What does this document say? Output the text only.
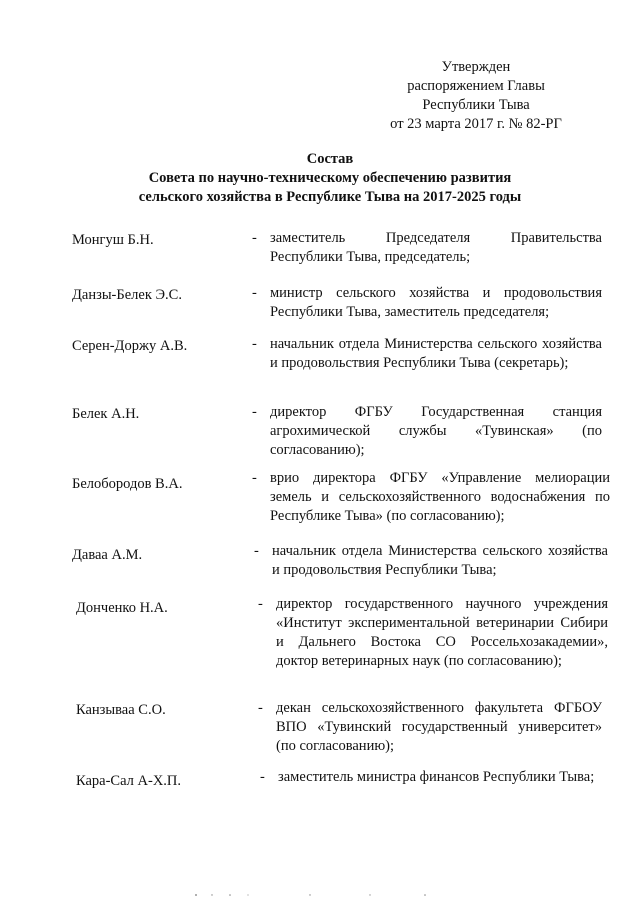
Утвержден
распоряжением Главы
Республики Тыва
от 23 марта 2017 г. № 82-РГ
Состав
Совета по научно-техническому обеспечению развития
сельского хозяйства в Республике Тыва на 2017-2025 годы
Монгуш Б.Н.	- заместитель Председателя Правительства Республики Тыва, председатель;
Данзы-Белек Э.С.	- министр сельского хозяйства и продовольствия Республики Тыва, заместитель председателя;
Серен-Доржу А.В.	- начальник отдела Министерства сельского хозяйства и продовольствия Республики Тыва (секретарь);
Белек А.Н.	- директор ФГБУ Государственная станция агрохимической службы «Тувинская» (по согласованию);
Белобородов В.А.	- врио директора ФГБУ «Управление мелиорации земель и сельскохозяйственного водоснабжения по Республике Тыва» (по согласованию);
Даваа А.М.	- начальник отдела Министерства сельского хозяйства и продовольствия Республики Тыва;
Донченко Н.А.	- директор государственного научного учреждения «Институт экспериментальной ветеринарии Сибири и Дальнего Востока СО Россельхозакадемии», доктор ветеринарных наук (по согласованию);
Канзываа С.О.	- декан сельскохозяйственного факультета ФГБОУ ВПО «Тувинский государственный университет» (по согласованию);
Кара-Сал А-Х.П.	- заместитель министра финансов Республики Тыва;
